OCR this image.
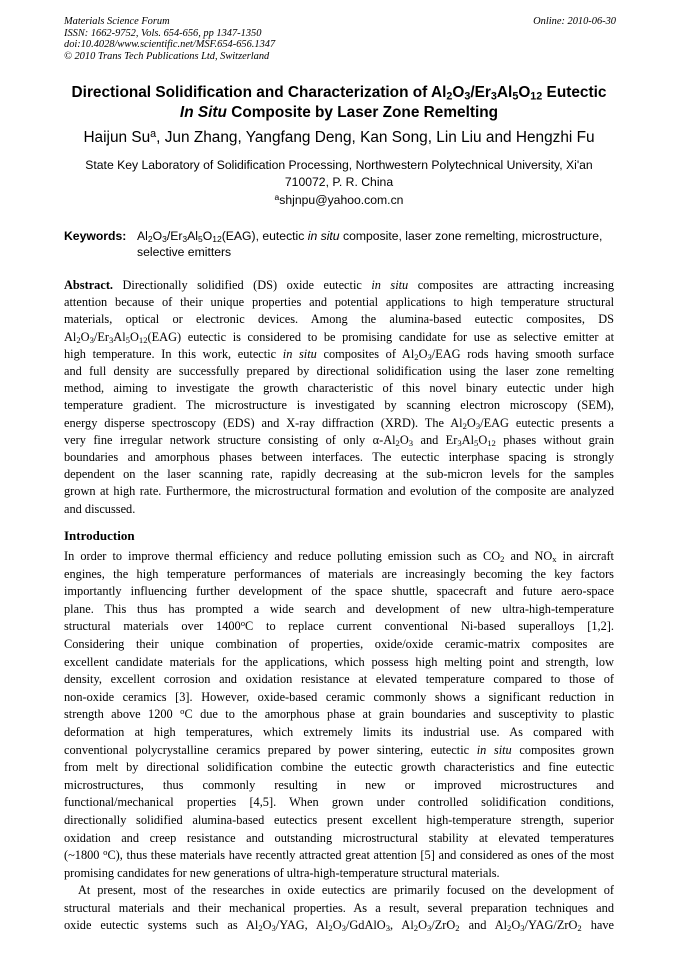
Materials Science Forum
ISSN: 1662-9752, Vols. 654-656, pp 1347-1350
doi:10.4028/www.scientific.net/MSF.654-656.1347
© 2010 Trans Tech Publications Ltd, Switzerland
Online: 2010-06-30
Directional Solidification and Characterization of $Al_2O_3/Er_3Al_5O_{12}$ Eutectic
In Situ Composite by Laser Zone Remelting
Haijun Su$^a$, Jun Zhang, Yangfang Deng, Kan Song, Lin Liu and Hengzhi Fu
State Key Laboratory of Solidification Processing, Northwestern Polytechnical University, Xi'an 710072, P. R. China
$^a$shjnpu@yahoo.com.cn
Keywords: $Al_2O_3/Er_3Al_5O_{12}(EAG)$, eutectic in situ composite, laser zone remelting, microstructure, selective emitters
Abstract. Directionally solidified (DS) oxide eutectic in situ composites are attracting increasing
attention because of their unique properties and potential applications to high temperature structural
materials, optical or electronic devices. Among the alumina-based eutectic composites, DS
$Al_2O_3/Er_3Al_5O_{12}(EAG)$ eutectic is considered to be promising candidate for use as selective emitter at
high temperature. In this work, eutectic in situ composites of $Al_2O_3$/EAG rods having smooth surface
and full density are successfully prepared by directional solidification using the laser zone remelting
method, aiming to investigate the growth characteristic of this novel binary eutectic under high
temperature gradient. The microstructure is investigated by scanning electron microscopy (SEM),
energy disperse spectroscopy (EDS) and X-ray diffraction (XRD). The $Al_2O_3$/EAG eutectic presents a
very fine irregular network structure consisting of only $\alpha-Al_2O_3$ and $Er_3Al_5O_{12}$ phases without grain
boundaries and amorphous phases between interfaces. The eutectic interphase spacing is strongly
dependent on the laser scanning rate, rapidly decreasing at the sub-micron levels for the samples
grown at high rate. Furthermore, the microstructural formation and evolution of the composite are analyzed and discussed.
Introduction
In order to improve thermal efficiency and reduce polluting emission such as $CO_2$ and $NO_x$ in aircraft
engines, the high temperature performances of materials are increasingly becoming the key factors
importantly influencing further development of the space shuttle, spacecraft and future aero-space
plane. This thus has prompted a wide search and development of new ultra-high-temperature
structural materials over 1400$^o$C to replace current conventional Ni-based superalloys [1,2].
Considering their unique combination of properties, oxide/oxide ceramic-matrix composites are
excellent candidate materials for the applications, which possess high melting point and strength, low
density, excellent corrosion and oxidation resistance at elevated temperature compared to those of
non-oxide ceramics [3]. However, oxide-based ceramic commonly shows a significant reduction in
strength above 1200 $^o$C due to the amorphous phase at grain boundaries and susceptivity to plastic
deformation at high temperatures, which extremely limits its industrial use. As compared with
conventional polycrystalline ceramics prepared by power sintering, eutectic in situ composites grown
from melt by directional solidification combine the eutectic growth characteristics and fine eutectic
microstructures, thus commonly resulting in new or improved microstructures and
functional/mechanical properties [4,5]. When grown under controlled solidification conditions,
directionally solidified alumina-based eutectics present excellent high-temperature strength, superior
oxidation and creep resistance and outstanding microstructural stability at elevated temperatures
(~1800 $^o$C), thus these materials have recently attracted great attention [5] and considered as ones of the most promising candidates for new generations of ultra-high-temperature structural materials.
At present, most of the researches in oxide eutectics are primarily focused on the development of
structural materials and their mechanical properties. As a result, several preparation techniques and
oxide eutectic systems such as $Al_2O_3$/YAG, $Al_2O_3/GdAlO_3$, $Al_2O_3/ZrO_2$ and $Al_2O_3/YAG/ZrO_2$ have
